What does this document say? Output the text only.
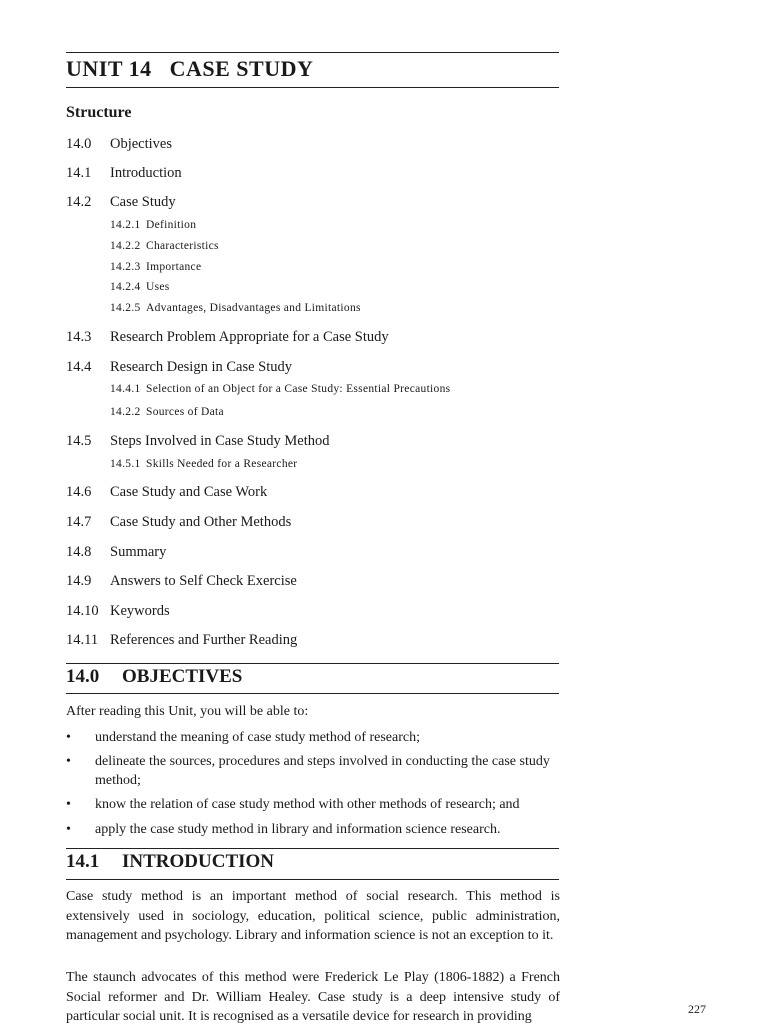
UNIT 14 CASE STUDY
Structure
14.0 Objectives
14.1 Introduction
14.2 Case Study
14.2.1 Definition
14.2.2 Characteristics
14.2.3 Importance
14.2.4 Uses
14.2.5 Advantages, Disadvantages and Limitations
14.3 Research Problem Appropriate for a Case Study
14.4 Research Design in Case Study
14.4.1 Selection of an Object for a Case Study: Essential Precautions
14.2.2 Sources of Data
14.5 Steps Involved in Case Study Method
14.5.1 Skills Needed for a Researcher
14.6 Case Study and Case Work
14.7 Case Study and Other Methods
14.8 Summary
14.9 Answers to Self Check Exercise
14.10 Keywords
14.11 References and Further Reading
14.0 OBJECTIVES
After reading this Unit, you will be able to:
• understand the meaning of case study method of research;
• delineate the sources, procedures and steps involved in conducting the case study method;
• know the relation of case study method with other methods of research; and
• apply the case study method in library and information science research.
14.1 INTRODUCTION

Case study method is an important method of social research. This method is extensively used in sociology, education, political science, public administration, management and psychology. Library and information science is not an exception to it.

The staunch advocates of this method were Frederick Le Play (1806-1882) a French Social reformer and Dr. William Healey. Case study is a deep intensive study of particular social unit. It is recognised as a versatile device for research in providing	227
